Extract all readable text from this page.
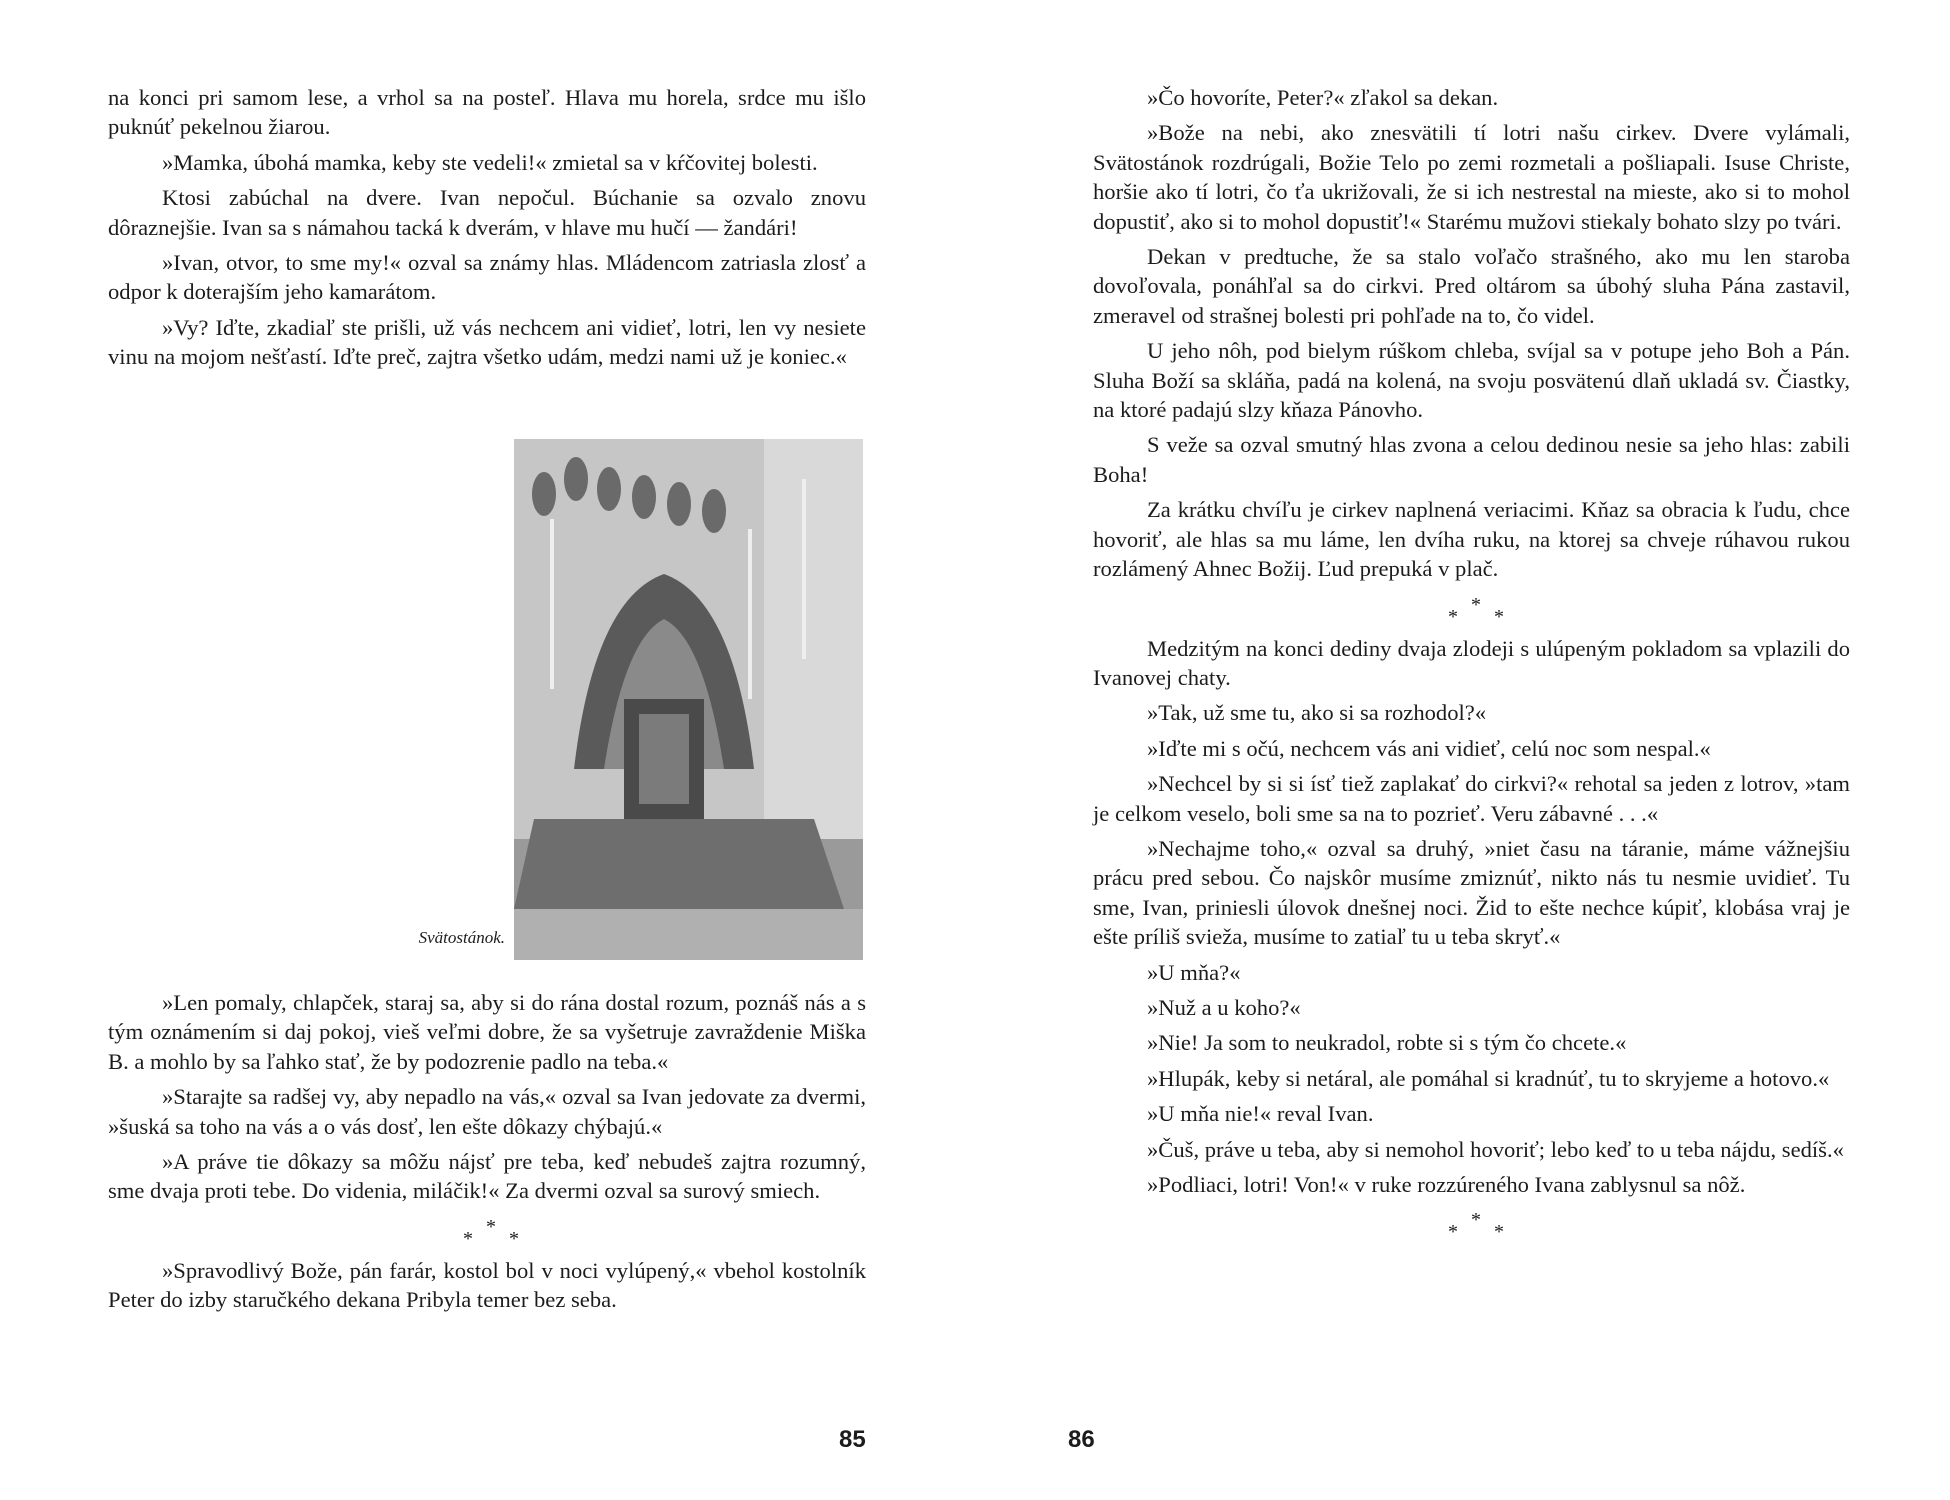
na konci pri samom lese, a vrhol sa na posteľ. Hlava mu horela, srdce mu išlo puknúť pekelnou žiarou.

»Mamka, úbohá mamka, keby ste vedeli!« zmietal sa v kŕčovitej bolesti.

Ktosi zabúchal na dvere. Ivan nepočul. Búchanie sa ozvalo znovu dôraznejšie. Ivan sa s námahou tacká k dverám, v hlave mu hučí — žandári!

»Ivan, otvor, to sme my!« ozval sa známy hlas. Mládencom zatriasla zlosť a odpor k doterajším jeho kamarátom.

»Vy? Iďte, zkadiaľ ste prišli, už vás nechcem ani vidieť, lotri, len vy nesiete vinu na mojom nešťastí. Iďte preč, zajtra všetko udám, medzi nami už je koniec.«

Svätostánok.

»Len pomaly, chlapček, staraj sa, aby si do rána dostal rozum, poznáš nás a s tým oznámením si daj pokoj, vieš veľmi dobre, že sa vyšetruje zavraždenie Miška B. a mohlo by sa ľahko stať, že by podozrenie padlo na teba.«

»Starajte sa radšej vy, aby nepadlo na vás,« ozval sa Ivan jedovate za dvermi, »šuská sa toho na vás a o vás dosť, len ešte dôkazy chýbajú.«

»A práve tie dôkazy sa môžu nájsť pre teba, keď nebudeš zajtra rozumný, sme dvaja proti tebe. Do videnia, miláčik!« Za dvermi ozval sa surový smiech.

*
*
*

»Spravodlivý Bože, pán farár, kostol bol v noci vylúpený,« vbehol kostolník Peter do izby staručkého dekana Pribyla temer bez seba.

85

»Čo hovoríte, Peter?« zľakol sa dekan.

»Bože na nebi, ako znesvätili tí lotri našu cirkev. Dvere vylámali, Svätostánok rozdrúgali, Božie Telo po zemi rozmetali a pošliapali. Isuse Christe, horšie ako tí lotri, čo ťa ukrižovali, že si ich nestrestal na mieste, ako si to mohol dopustiť, ako si to mohol dopustiť!« Starému mužovi stiekaly bohato slzy po tvári.

Dekan v predtuche, že sa stalo voľačo strašného, ako mu len staroba dovoľovala, ponáhľal sa do cirkvi. Pred oltárom sa úbohý sluha Pána zastavil, zmeravel od strašnej bolesti pri pohľade na to, čo videl.

U jeho nôh, pod bielym rúškom chleba, svíjal sa v potupe jeho Boh a Pán. Sluha Boží sa skláňa, padá na kolená, na svoju posvätenú dlaň ukladá sv. Čiastky, na ktoré padajú slzy kňaza Pánovho.

S veže sa ozval smutný hlas zvona a celou dedinou nesie sa jeho hlas: zabili Boha!

Za krátku chvíľu je cirkev naplnená veriacimi. Kňaz sa obracia k ľudu, chce hovoriť, ale hlas sa mu láme, len dvíha ruku, na ktorej sa chveje rúhavou rukou rozlámený Ahnec Božij. Ľud prepuká v plač.

*
*
*

Medzitým na konci dediny dvaja zlodeji s ulúpeným pokladom sa vplazili do Ivanovej chaty.

»Tak, už sme tu, ako si sa rozhodol?«

»Iďte mi s očú, nechcem vás ani vidieť, celú noc som nespal.«

»Nechcel by si si ísť tiež zaplakať do cirkvi?« rehotal sa jeden z lotrov, »tam je celkom veselo, boli sme sa na to pozrieť. Veru zábavné . . .«

»Nechajme toho,« ozval sa druhý, »niet času na táranie, máme vážnejšiu prácu pred sebou. Čo najskôr musíme zmiznúť, nikto nás tu nesmie uvidieť. Tu sme, Ivan, priniesli úlovok dnešnej noci. Žid to ešte nechce kúpiť, klobása vraj je ešte príliš svieža, musíme to zatiaľ tu u teba skryť.«

»U mňa?«

»Nuž a u koho?«

»Nie! Ja som to neukradol, robte si s tým čo chcete.«

»Hlupák, keby si netáral, ale pomáhal si kradnúť, tu to skryjeme a hotovo.«

»U mňa nie!« reval Ivan.

»Čuš, práve u teba, aby si nemohol hovoriť; lebo keď to u teba nájdu, sedíš.«

»Podliaci, lotri! Von!« v ruke rozzúreného Ivana zablysnul sa nôž.

*
*
*
86
